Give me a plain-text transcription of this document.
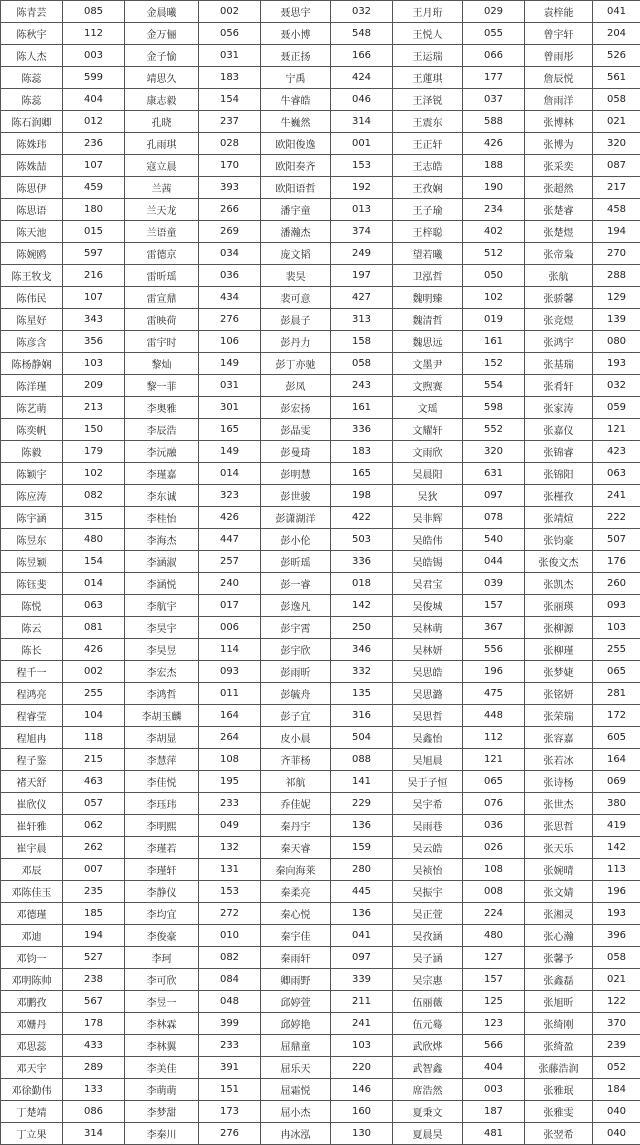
陈青芸	085	金晨曦	002	聂思宇	032	王月珩	029	袁梓能	041
陈秋宇	112	金万俪	056	聂小博	548	王悦人	055	曾宇轩	204
陈人杰	003	金子愉	031	聂正扬	166	王运瑞	066	曾雨彤	526
陈蕊	599	靖思久	183	宁禹	424	王蓮琪	177	詹辰悦	561
陈蕊	404	康志毅	154	牛睿皓	046	王泽锐	037	詹雨洋	058
陈石润卿	012	孔晓	237	牛巍然	314	王震东	588	张博林	021
陈姝玮	236	孔雨琪	028	欧阳俊逸	001	王正轩	426	张博为	320
陈姝喆	107	寇立晨	170	欧阳奏齐	153	王志皓	188	张采奕	087
陈思伊	459	兰茜	393	欧阳语哲	192	王孜娴	190	张超然	217
陈思语	180	兰天龙	266	潘宇童	013	王子瑜	234	张楚睿	458
陈天池	015	兰语童	269	潘瀚杰	374	王梓聪	402	张楚煜	194
陈婉鸥	597	雷德京	034	庞文韬	249	望若曦	512	张帝枭	270
陈王牧戈	216	雷昕瑶	036	裴昊	197	卫泓哲	050	张航	288
陈伟民	107	雷宣鼎	434	裴可意	427	魏明臻	102	张骄馨	129
陈星好	343	雷映荷	276	彭晨子	313	魏清哲	019	张竞煜	139
陈彦含	356	雷宇时	106	彭丹力	158	魏思远	161	张鸿宇	080
陈杨静娴	103	黎灿	149	彭丁亦驰	058	文墨尹	152	张基瑞	193
陈洋瑾	209	黎一菲	031	彭凤	243	文煦赛	554	张肴轩	032
陈艺萌	213	李奥雅	301	彭宏扬	161	文瑶	598	张家涛	059
陈奕帆	150	李辰浩	165	彭晶雯	336	文耀轩	552	张嘉仪	121
陈毅	179	李沅融	149	彭曼琦	183	文雨欣	320	张锦睿	423
陈颖宇	102	李瑾嘉	014	彭明慧	165	吴晨阳	631	张锦阳	063
陈应涛	082	李东诚	323	彭世骏	198	吴狄	097	张槿孜	241
陈宇涵	315	李桂怡	426	彭潇湖洋	422	吴非辉	078	张靖煊	222
陈昱东	480	李海杰	447	彭小伦	503	吴皓伟	540	张钧豪	507
陈昱颖	154	李涵淑	257	彭昕瑶	336	吴皓锡	044	张俊文杰	176
陈钰斐	014	李涵悦	240	彭一睿	018	吴君宝	039	张凯杰	260
陈悦	063	李航宇	017	彭逸凡	142	吴俊城	157	张丽瑛	093
陈云	081	李昊宇	006	彭宇霄	250	吴林萌	367	张柳源	103
陈长	426	李昊昱	114	彭宇欣	346	吴林妍	556	张柳瑾	255
程千一	002	李宏杰	093	彭雨昕	332	吴思皓	196	张梦婕	065
程鸿亮	255	李鸿哲	011	彭毓舟	135	吴思潞	475	张铭妍	281
程睿莹	104	李胡玉麟	164	彭子宜	316	吴思哲	448	张荣瑞	172
程旭冉	118	李胡显	264	皮小晨	504	吴鑫怡	112	张容嘉	605
程子鉴	215	李慧萍	108	齐菲杨	088	吴旭晨	121	张若冰	164
褚天舒	463	李佳悦	195	祁航	141	吴于子恒	065	张诗杨	069
崔欣仪	057	李珏玮	233	乔佳妮	229	吴宇希	076	张世杰	380
崔轩雅	062	李明熙	049	秦丹宇	136	吴雨巷	036	张思哲	419
崔宇晨	262	李瑾若	132	秦天睿	159	吴云皓	026	张天乐	142
邓辰	007	李瑾轩	131	秦向海莱	280	吴祯怡	108	张婉晴	113
邓陈佳玉	235	李静仪	153	秦柔亮	445	吴振宇	008	张文婧	196
邓德瑾	185	李均宜	272	秦心悦	136	吴正萱	224	张湘灵	193
邓迪	194	李俊豪	010	秦宇佳	041	吴孜涵	480	张心瀚	396
邓钧一	527	李珂	082	秦雨轩	097	吴子涵	127	张馨予	058
邓明陈帅	238	李可欣	084	卿雨野	339	吴宗惠	157	张鑫磊	021
邓鹏孜	567	李昱一	048	邱婷萱	211	伍丽薇	125	张旭昕	122
邓姗丹	178	李林霖	399	邱婷艳	241	伍元蓦	123	张绮刚	370
邓思蕊	433	李林翼	233	屈鼎童	103	武欣烨	566	张绮盈	239
邓天宇	289	李美佳	391	屈乐天	220	武智鑫	404	张藤浩润	052
邓徐勤伟	133	李萌萌	151	屈霜悦	146	席浩然	003	张雅珉	184
丁楚靖	086	李梦甜	173	屈小杰	160	夏秉文	187	张雅雯	040
丁立果	314	李秦川	276	冉冰泓	130	夏晨昊	481	张翌希	040
